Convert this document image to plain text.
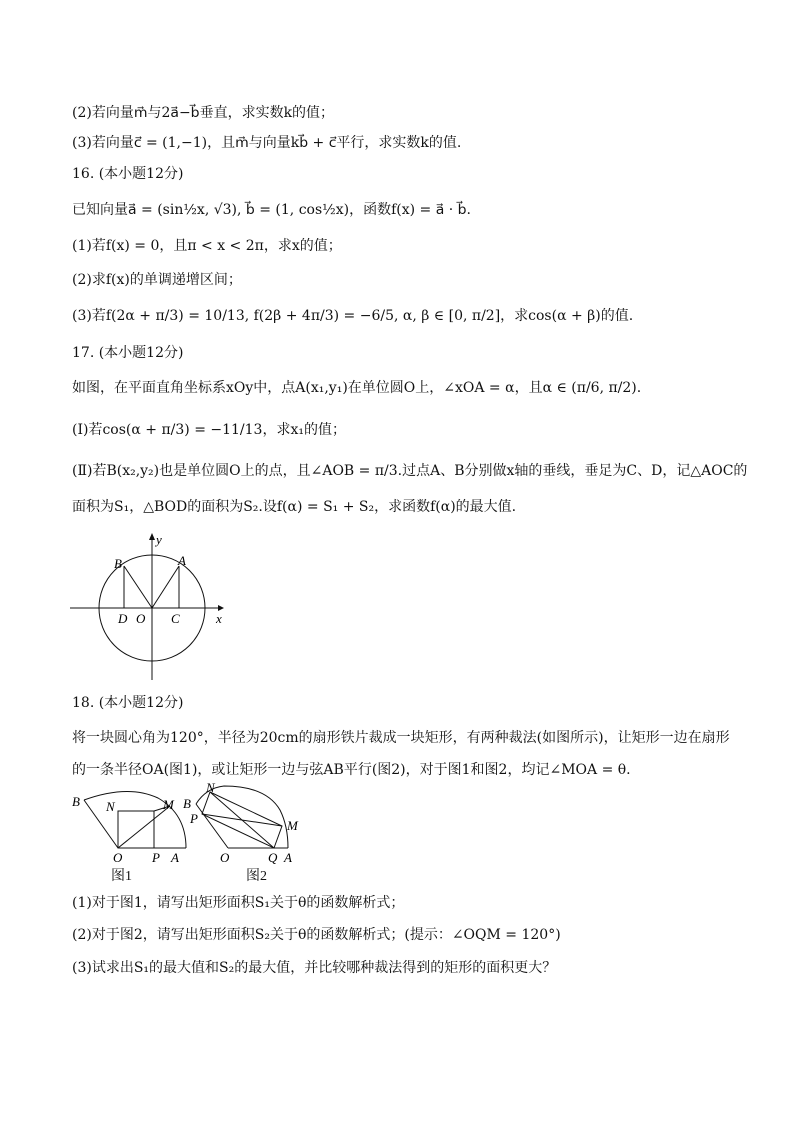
(2)若向量m⃗与2a⃗−b⃗垂直，求实数k的值；
(3)若向量c⃗ = (1,−1)，且m⃗与向量kb⃗ + c⃗平行，求实数k的值.
16. (本小题12分)
已知向量a⃗ = (sin½x, √3), b⃗ = (1, cos½x)，函数f(x) = a⃗ · b⃗.
(1)若f(x) = 0，且π < x < 2π，求x的值；
(2)求f(x)的单调递增区间；
(3)若f(2α + π/3) = 10/13, f(2β + 4π/3) = −6/5, α, β ∈ [0, π/2]，求cos(α + β)的值.
17. (本小题12分)
如图，在平面直角坐标系xOy中，点A(x₁,y₁)在单位圆O上，∠xOA = α，且α ∈ (π/6, π/2).
(Ⅰ)若cos(α + π/3) = −11/13，求x₁的值；
(Ⅱ)若B(x₂,y₂)也是单位圆O上的点，且∠AOB = π/3.过点A、B分别做x轴的垂线，垂足为C、D，记△AOC的
面积为S₁，△BOD的面积为S₂.设f(α) = S₁ + S₂，求函数f(α)的最大值.
y
x
B	A
D O C
18. (本小题12分)
将一块圆心角为120°，半径为20cm的扇形铁片裁成一块矩形，有两种裁法(如图所示)，让矩形一边在扇形
的一条半径OA(图1)，或让矩形一边与弦AB平行(图2)，对于图1和图2，均记∠MOA = θ.
B N	M
O P A
图1
B
N
P	M
O	Q A
图2
(1)对于图1，请写出矩形面积S₁关于θ的函数解析式；
(2)对于图2，请写出矩形面积S₂关于θ的函数解析式；(提示：∠OQM = 120°)
(3)试求出S₁的最大值和S₂的最大值，并比较哪种裁法得到的矩形的面积更大？
